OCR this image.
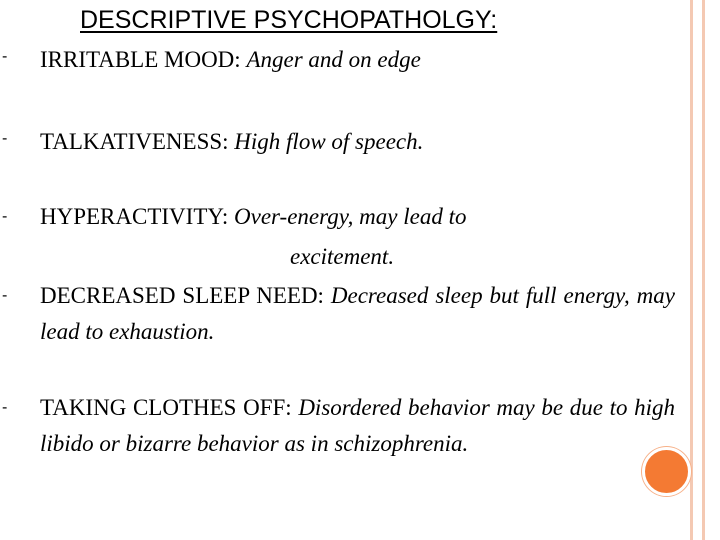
DESCRIPTIVE PSYCHOPATHOLGY:
- IRRITABLE MOOD: Anger and on edge
- TALKATIVENESS: High flow of speech.
- HYPERACTIVITY: Over-energy, may lead to
excitement.
- DECREASED SLEEP NEED: Decreased sleep but full energy, may lead to exhaustion.
- TAKING CLOTHES OFF: Disordered behavior may be due to high libido or bizarre behavior as in schizophrenia.
